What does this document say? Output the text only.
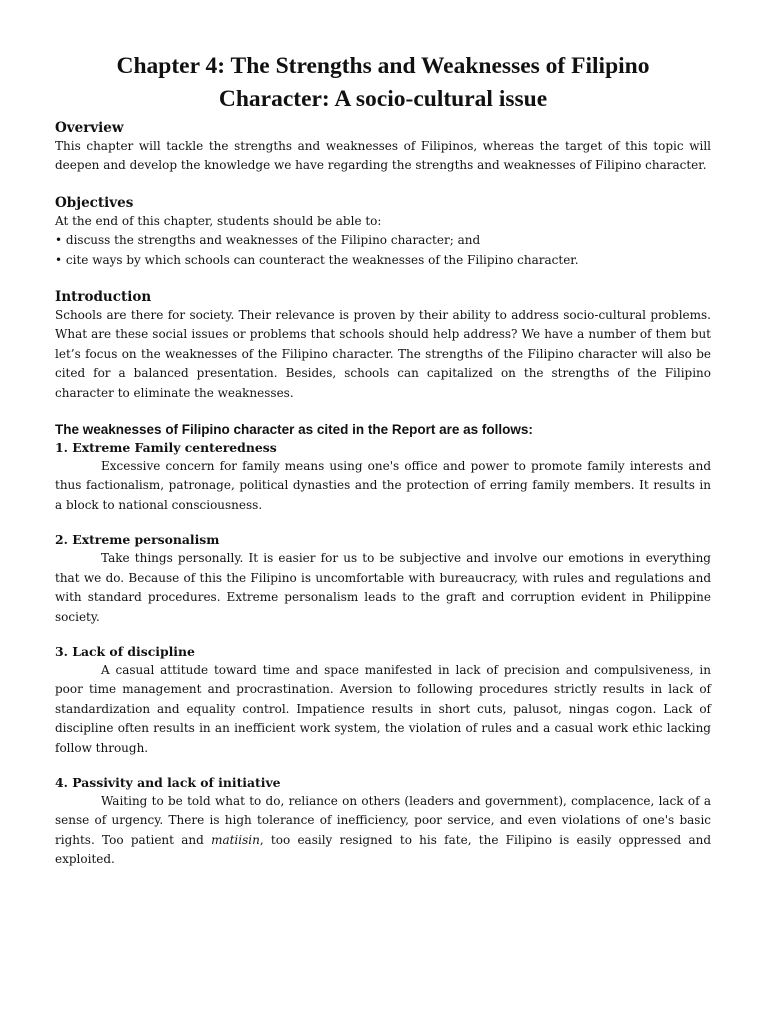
Chapter 4: The Strengths and Weaknesses of Filipino
Character: A socio-cultural issue
Overview

This chapter will tackle the strengths and weaknesses of Filipinos, whereas the target of this topic will deepen and develop the knowledge we have regarding the strengths and weaknesses of Filipino character.

Objectives
At the end of this chapter, students should be able to:
• discuss the strengths and weaknesses of the Filipino character; and
• cite ways by which schools can counteract the weaknesses of the Filipino character.
Introduction

Schools are there for society. Their relevance is proven by their ability to address socio-cultural problems. What are these social issues or problems that schools should help address? We have a number of them but let’s focus on the weaknesses of the Filipino character. The strengths of the Filipino character will also be cited for a balanced presentation. Besides, schools can capitalized on the strengths of the Filipino character to eliminate the weaknesses.

The weaknesses of Filipino character as cited in the Report are as follows:
1. Extreme Family centeredness

Excessive concern for family means using one's office and power to promote family interests and thus factionalism, patronage, political dynasties and the protection of erring family members. It results in a block to national consciousness.

2. Extreme personalism

Take things personally. It is easier for us to be subjective and involve our emotions in everything that we do. Because of this the Filipino is uncomfortable with bureaucracy, with rules and regulations and with standard procedures. Extreme personalism leads to the graft and corruption evident in Philippine society.

3. Lack of discipline

A casual attitude toward time and space manifested in lack of precision and compulsiveness, in poor time management and procrastination. Aversion to following procedures strictly results in lack of standardization and equality control. Impatience results in short cuts, palusot, ningas cogon. Lack of discipline often results in an inefficient work system, the violation of rules and a casual work ethic lacking follow through.

4. Passivity and lack of initiative

Waiting to be told what to do, reliance on others (leaders and government), complacence, lack of a sense of urgency. There is high tolerance of inefficiency, poor service, and even violations of one's basic rights. Too patient and matiisin, too easily resigned to his fate, the Filipino is easily oppressed and exploited.
